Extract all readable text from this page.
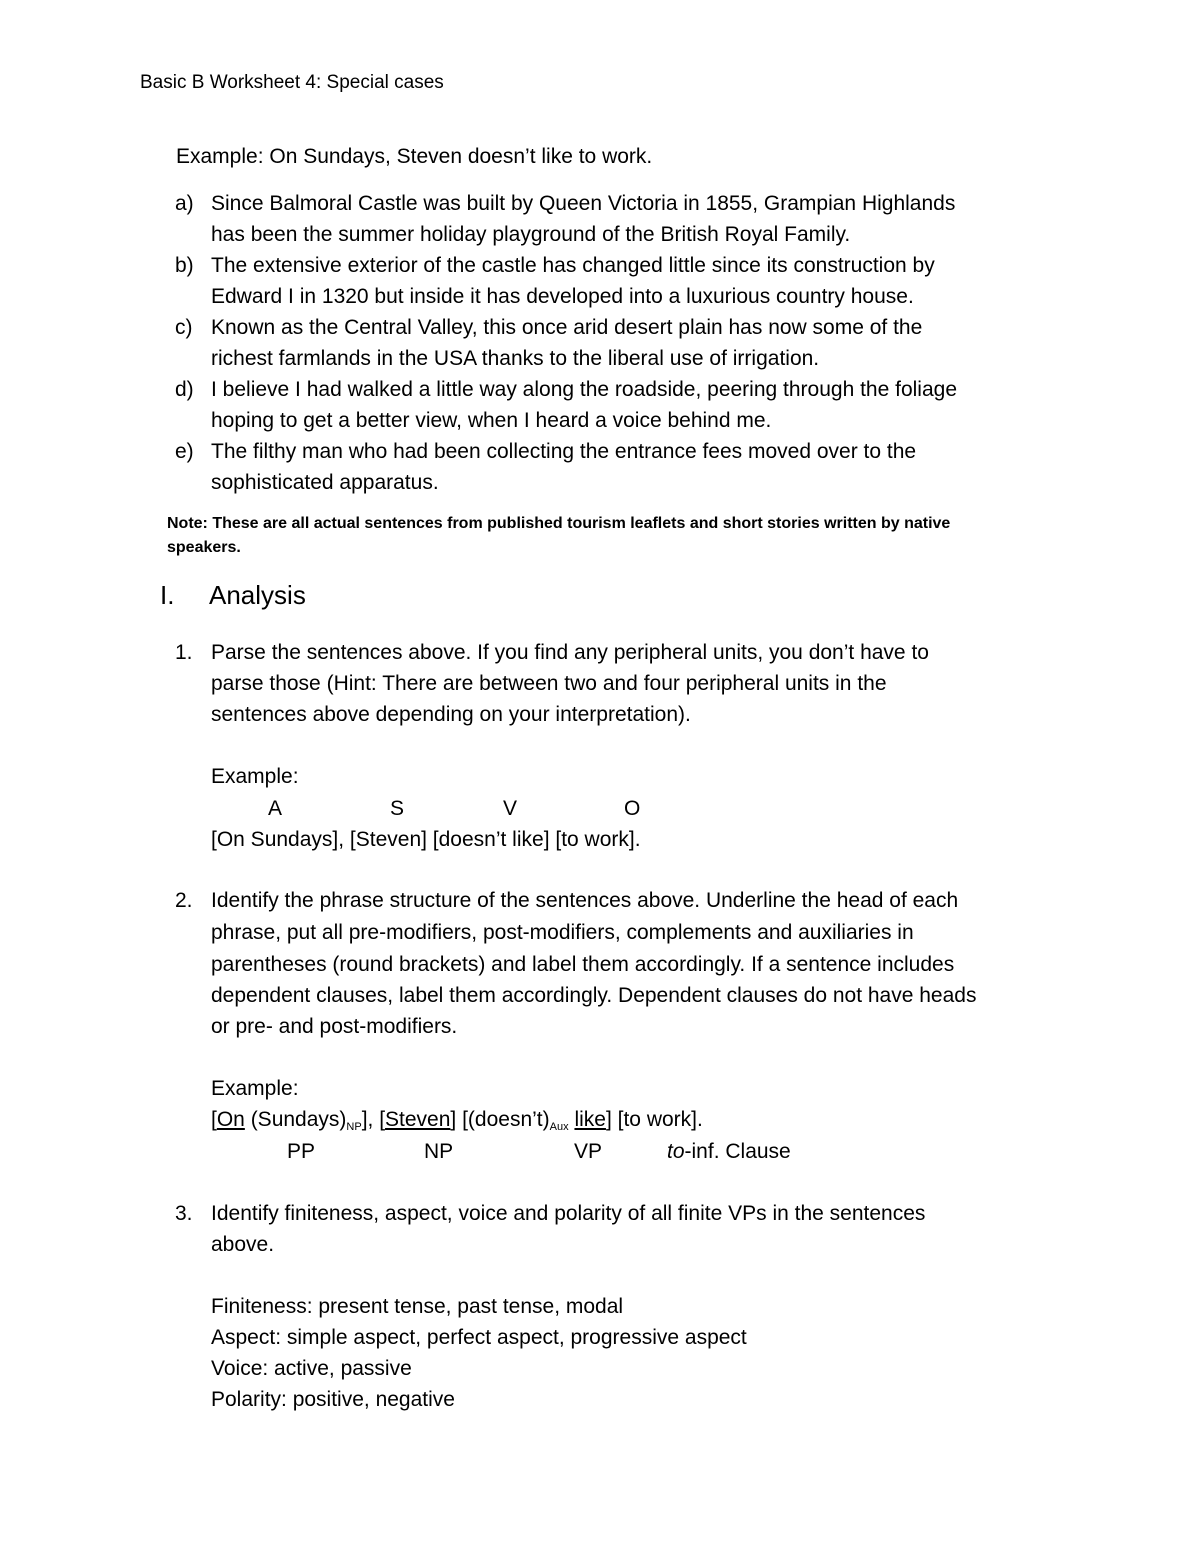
Basic B Worksheet 4: Special cases
Example: On Sundays, Steven doesn’t like to work.
a) Since Balmoral Castle was built by Queen Victoria in 1855, Grampian Highlands
has been the summer holiday playground of the British Royal Family.
b) The extensive exterior of the castle has changed little since its construction by
Edward I in 1320 but inside it has developed into a luxurious country house.
c) Known as the Central Valley, this once arid desert plain has now some of the
richest farmlands in the USA thanks to the liberal use of irrigation.
d) I believe I had walked a little way along the roadside, peering through the foliage
hoping to get a better view, when I heard a voice behind me.
e) The filthy man who had been collecting the entrance fees moved over to the
sophisticated apparatus.
Note: These are all actual sentences from published tourism leaflets and short stories written by native speakers.
I. Analysis
1. Parse the sentences above. If you find any peripheral units, you don’t have to
parse those (Hint: There are between two and four peripheral units in the
sentences above depending on your interpretation).
Example:
A	S	V	O
[On Sundays], [Steven] [doesn’t like] [to work].
2. Identify the phrase structure of the sentences above. Underline the head of each
phrase, put all pre-modifiers, post-modifiers, complements and auxiliaries in
parentheses (round brackets) and label them accordingly. If a sentence includes
dependent clauses, label them accordingly. Dependent clauses do not have heads
or pre- and post-modifiers.
Example:
[On $(Sundays)_{NP}$], [Steven] [$(doesn’t)_{Aux}$ like] [to work].
PP	NP	VP	to-inf. Clause
3. Identify finiteness, aspect, voice and polarity of all finite VPs in the sentences
above.
Finiteness: present tense, past tense, modal
Aspect: simple aspect, perfect aspect, progressive aspect
Voice: active, passive
Polarity: positive, negative
